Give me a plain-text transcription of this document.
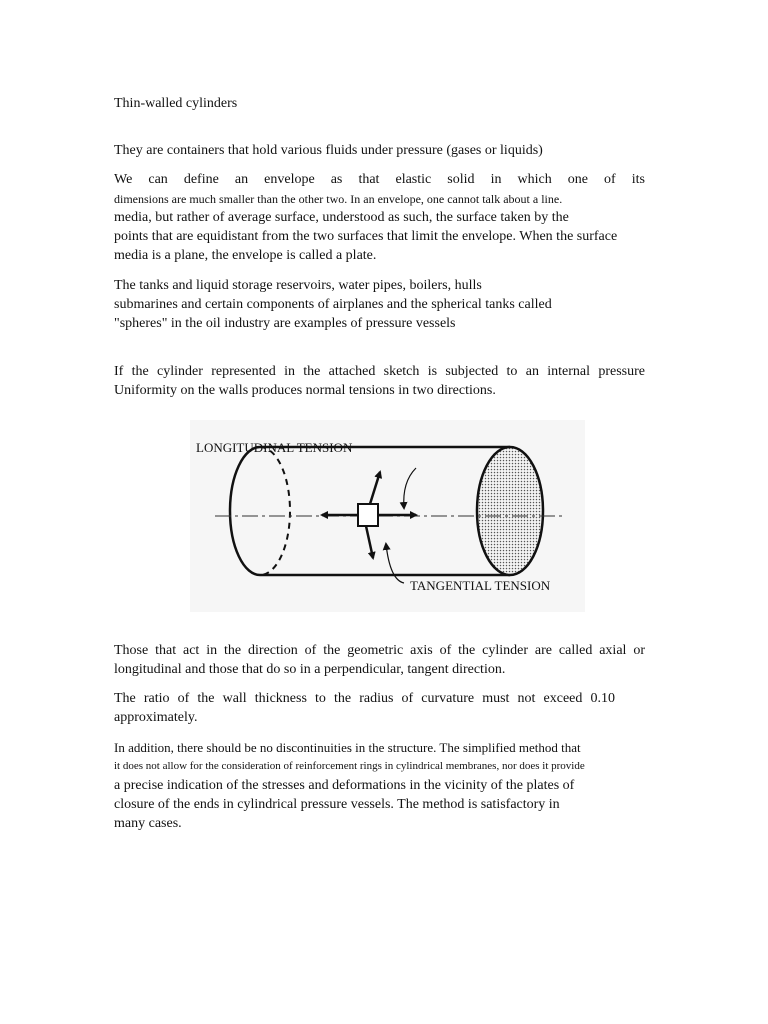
Thin-walled cylinders
They are containers that hold various fluids under pressure (gases or liquids)
We can define an envelope as that elastic solid in which one of its
dimensions are much smaller than the other two. In an envelope, one cannot talk about a line.
media, but rather of average surface, understood as such, the surface taken by the
points that are equidistant from the two surfaces that limit the envelope. When the surface
media is a plane, the envelope is called a plate.
The tanks and liquid storage reservoirs, water pipes, boilers, hulls
submarines and certain components of airplanes and the spherical tanks called
"spheres" in the oil industry are examples of pressure vessels
If the cylinder represented in the attached sketch is subjected to an internal pressure
Uniformity on the walls produces normal tensions in two directions.
LONGITUDINAL TENSION
TANGENTIAL TENSION
Those that act in the direction of the geometric axis of the cylinder are called axial or
longitudinal and those that do so in a perpendicular, tangent direction.
The ratio of the wall thickness to the radius of curvature must not exceed 0.10
approximately.
In addition, there should be no discontinuities in the structure. The simplified method that
it does not allow for the consideration of reinforcement rings in cylindrical membranes, nor does it provide
a precise indication of the stresses and deformations in the vicinity of the plates of
closure of the ends in cylindrical pressure vessels. The method is satisfactory in
many cases.
